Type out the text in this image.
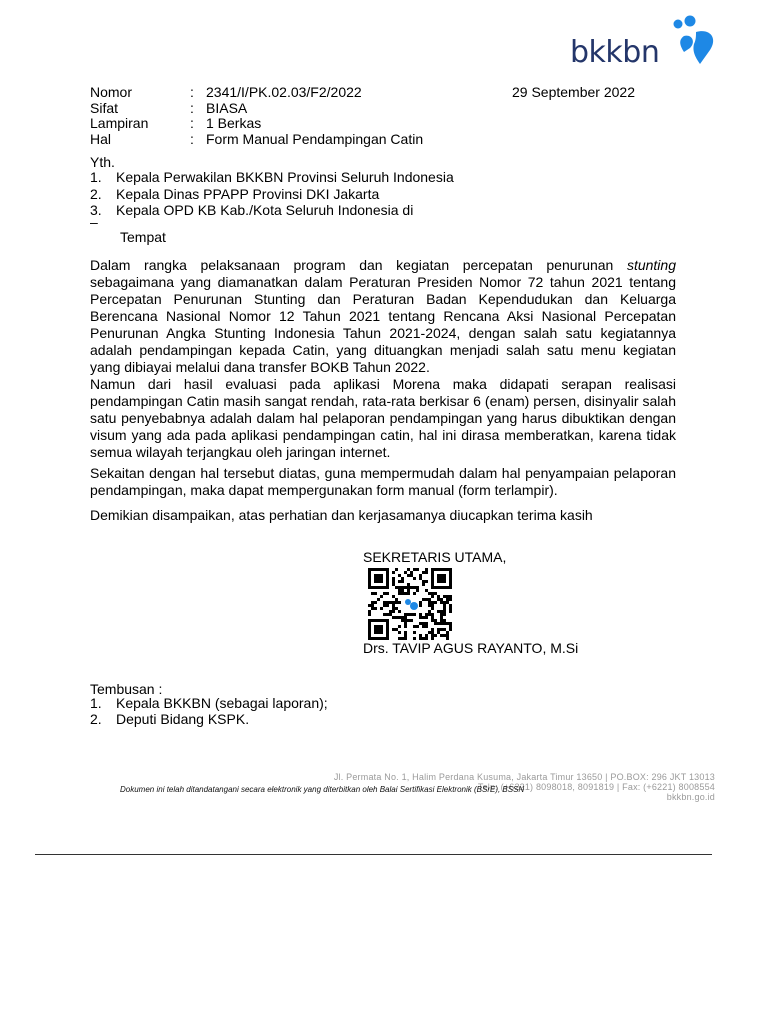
bkkbn
Nomor	: 2341/I/PK.02.03/F2/2022
Sifat	: BIASA
Lampiran	: 1 Berkas
Hal	: Form Manual Pendampingan Catin
29 September 2022
Yth.
1.	Kepala Perwakilan BKKBN Provinsi Seluruh Indonesia
2.	Kepala Dinas PPAPP Provinsi DKI Jakarta
3.	Kepala OPD KB Kab./Kota Seluruh Indonesia di
–
Tempat

Dalam rangka pelaksanaan program dan kegiatan percepatan penurunan stunting sebagaimana yang diamanatkan dalam Peraturan Presiden Nomor 72 tahun 2021 tentang Percepatan Penurunan Stunting dan Peraturan Badan Kependudukan dan Keluarga Berencana Nasional Nomor 12 Tahun 2021 tentang Rencana Aksi Nasional Percepatan Penurunan Angka Stunting Indonesia Tahun 2021-2024, dengan salah satu kegiatannya adalah pendampingan kepada Catin, yang dituangkan menjadi salah satu menu kegiatan yang dibiayai melalui dana transfer BOKB Tahun 2022.

Namun dari hasil evaluasi pada aplikasi Morena maka didapati serapan realisasi pendampingan Catin masih sangat rendah, rata-rata berkisar 6 (enam) persen, disinyalir salah satu penyebabnya adalah dalam hal pelaporan pendampingan yang harus dibuktikan dengan visum yang ada pada aplikasi pendampingan catin, hal ini dirasa memberatkan, karena tidak semua wilayah terjangkau oleh jaringan internet.

Sekaitan dengan hal tersebut diatas, guna mempermudah dalam hal penyampaian pelaporan pendampingan, maka dapat mempergunakan form manual (form terlampir).

Demikian disampaikan, atas perhatian dan kerjasamanya diucapkan terima kasih

SEKRETARIS UTAMA,
Drs. TAVIP AGUS RAYANTO, M.Si
Tembusan :
1.	Kepala BKKBN (sebagai laporan);
2.	Deputi Bidang KSPK.
Jl. Permata No. 1, Halim Perdana Kusuma, Jakarta Timur 13650 | PO.BOX: 296 JKT 13013
Telp: (+6221) 8098018, 8091819 | Fax: (+6221) 8008554
bkkbn.go.id
Dokumen ini telah ditandatangani secara elektronik yang diterbitkan oleh Balai Sertifikasi Elektronik (BSrE), BSSN
